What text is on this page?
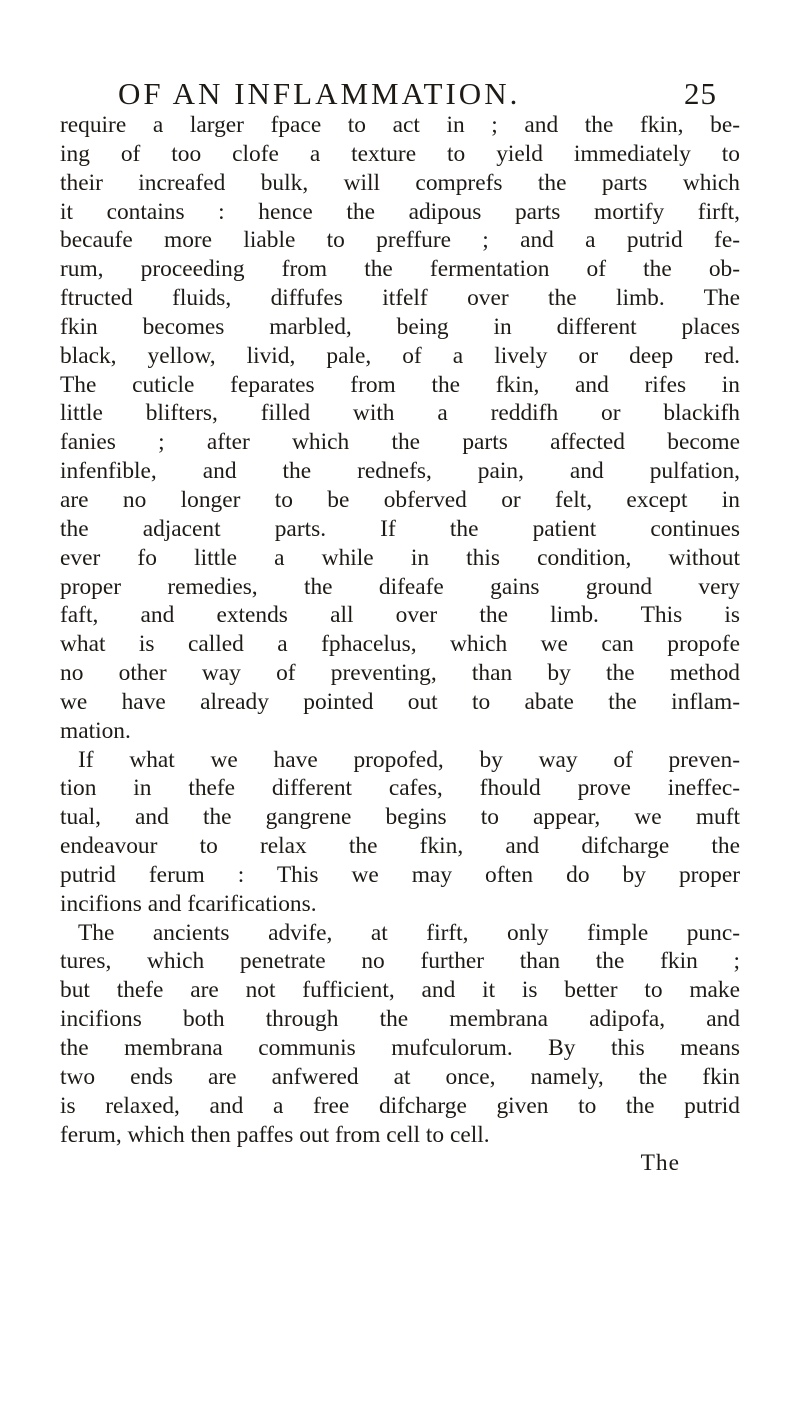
OF AN INFLAMMATION.	25
require a larger fpace to act in ; and the fkin, be-
ing of too clofe a texture to yield immediately to
their increafed bulk, will comprefs the parts which
it contains : hence the adipous parts mortify firft,
becaufe more liable to preffure ; and a putrid fe-
rum, proceeding from the fermentation of the ob-
ftructed fluids, diffufes itfelf over the limb. The
fkin becomes marbled, being in different places
black, yellow, livid, pale, of a lively or deep red.
The cuticle feparates from the fkin, and rifes in
little blifters, filled with a reddifh or blackifh
fanies ; after which the parts affected become
infenfible, and the rednefs, pain, and pulfation,
are no longer to be obferved or felt, except in
the adjacent parts. If the patient continues
ever fo little a while in this condition, without
proper remedies, the difeafe gains ground very
faft, and extends all over the limb. This is
what is called a fphacelus, which we can propofe
no other way of preventing, than by the method
we have already pointed out to abate the inflam-
mation.
If what we have propofed, by way of preven-
tion in thefe different cafes, fhould prove ineffec-
tual, and the gangrene begins to appear, we muft
endeavour to relax the fkin, and difcharge the
putrid ferum : This we may often do by proper
incifions and fcarifications.
The ancients advife, at firft, only fimple punc-
tures, which penetrate no further than the fkin ;
but thefe are not fufficient, and it is better to make
incifions both through the membrana adipofa, and
the membrana communis mufculorum. By this means
two ends are anfwered at once, namely, the fkin
is relaxed, and a free difcharge given to the putrid
ferum, which then paffes out from cell to cell.
The
